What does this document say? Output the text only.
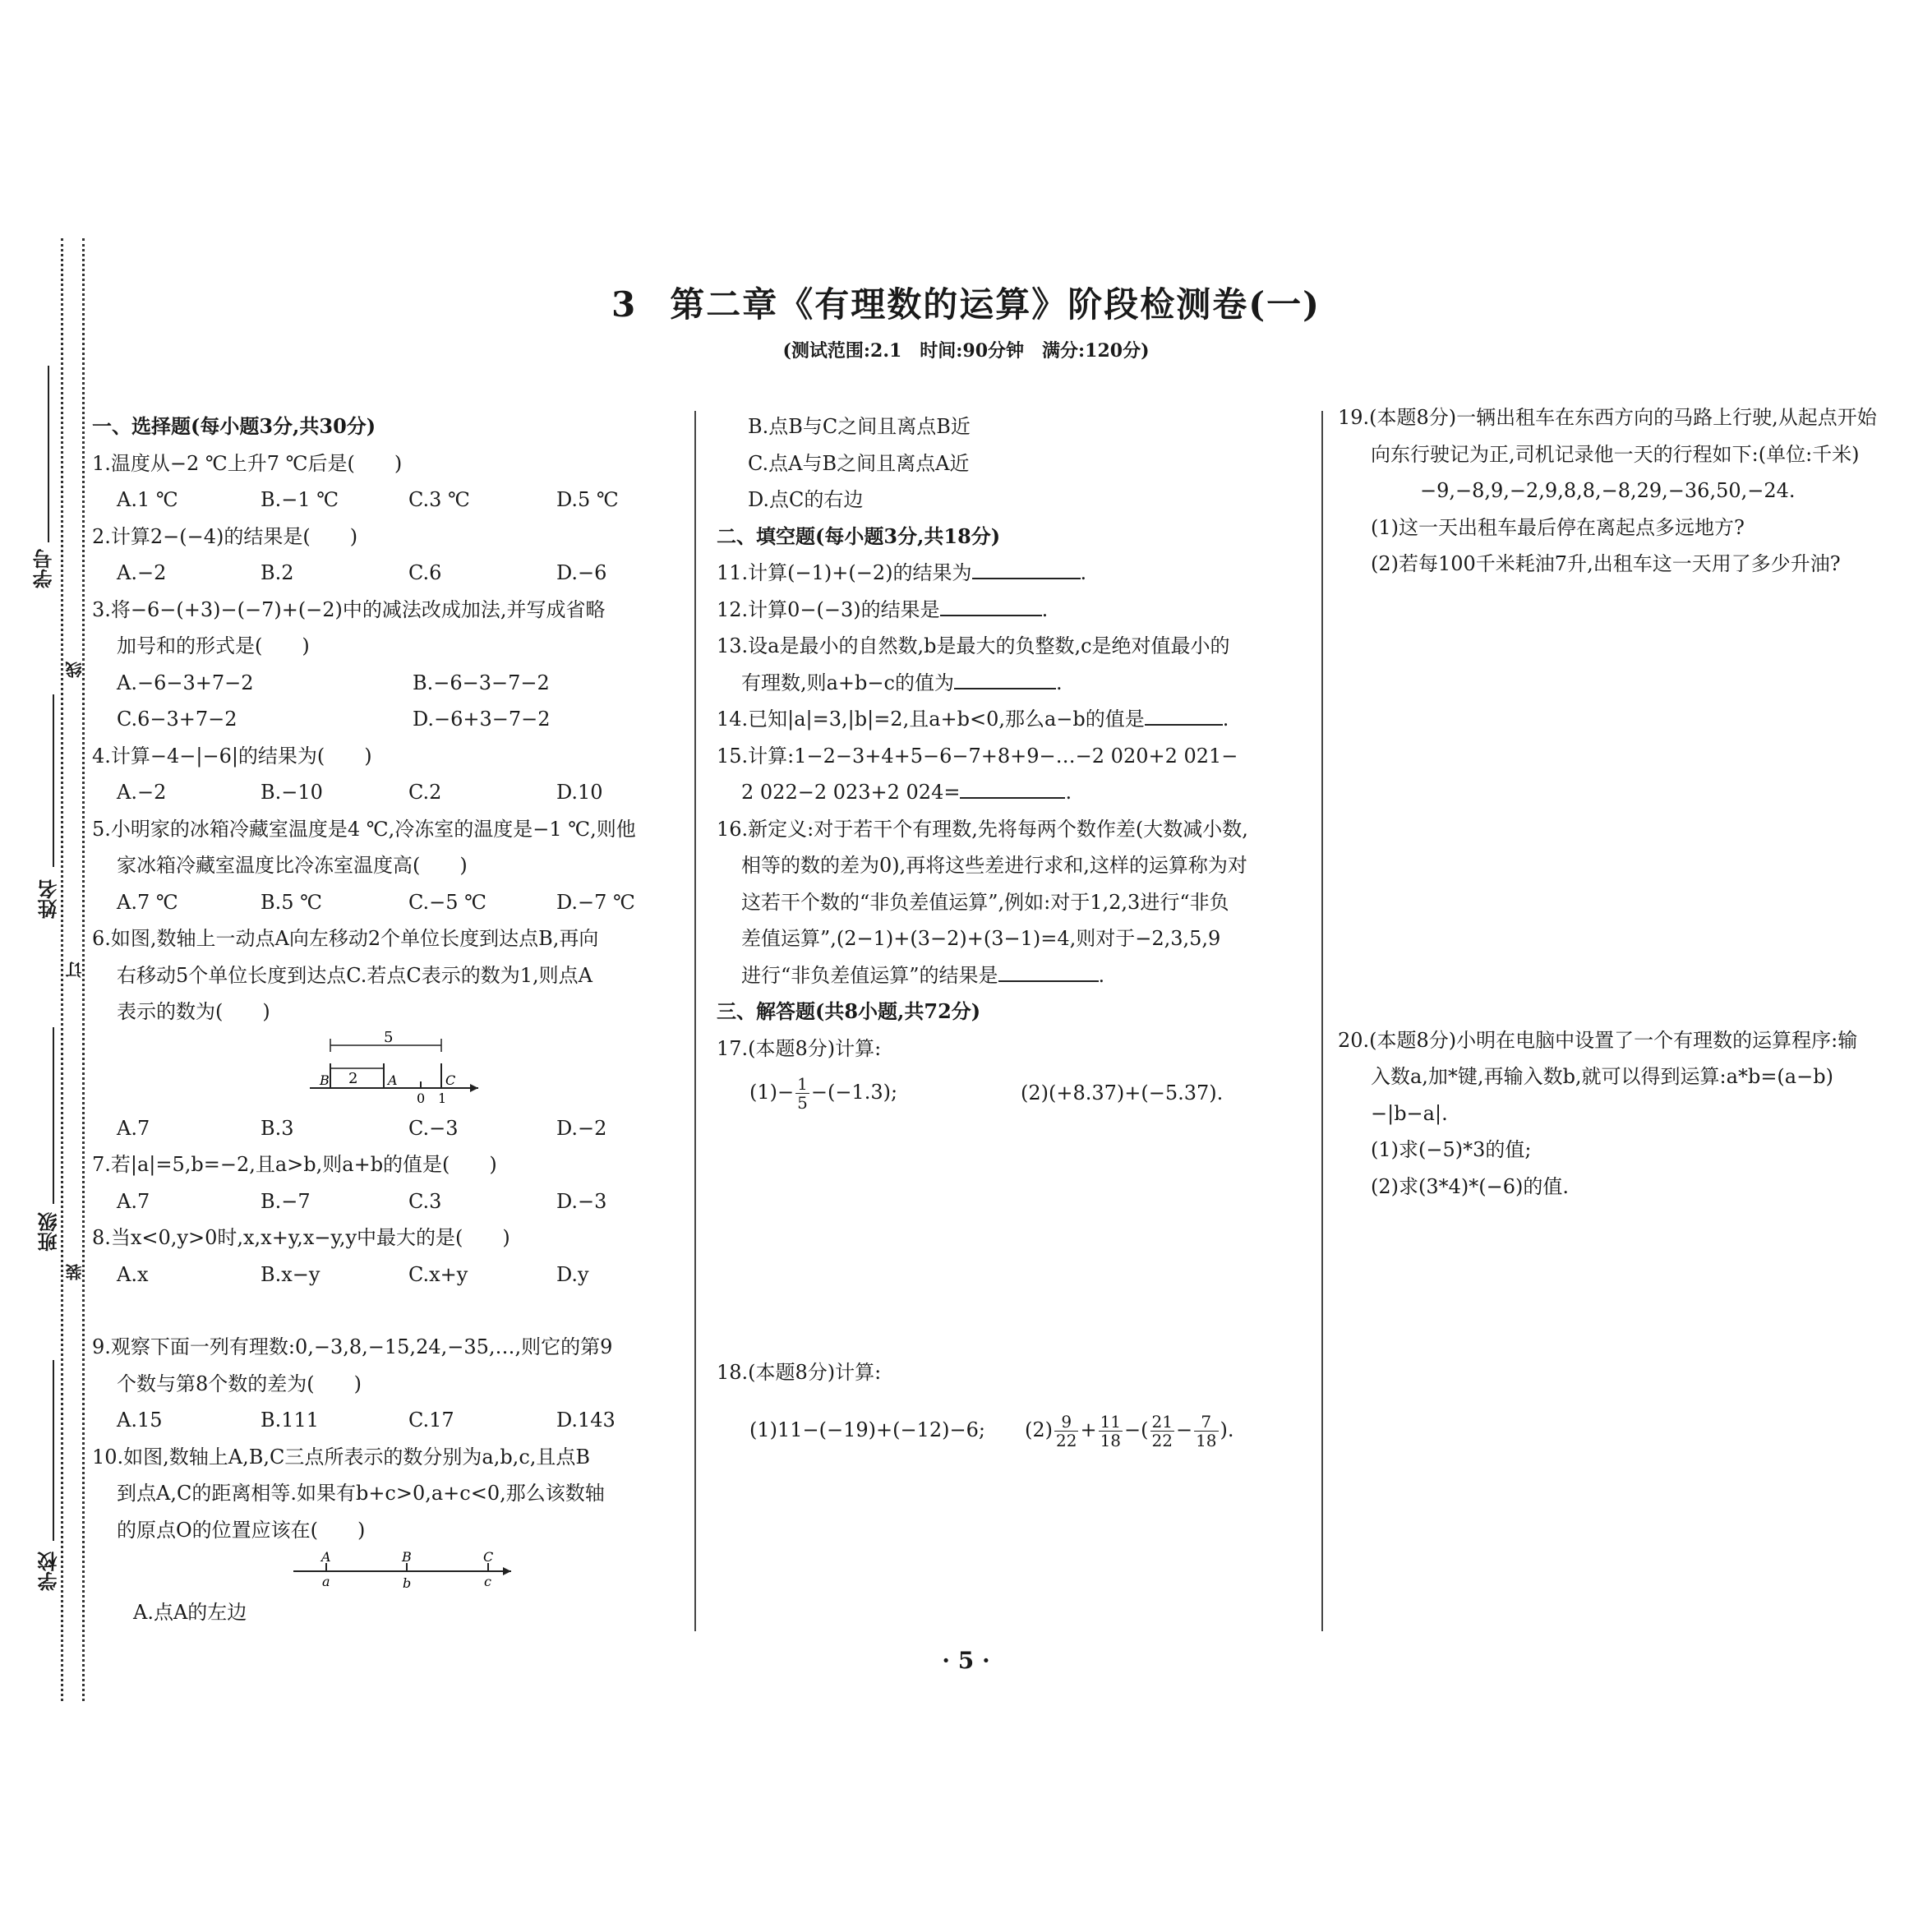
学号
姓名
班级
学校
线
订
装
3 第二章《有理数的运算》阶段检测卷(一)
(测试范围:2.1　时间:90分钟　满分:120分)
一、选择题(每小题3分,共30分)
1.温度从−2 ℃上升7 ℃后是(　　)
A.1 ℃	B.−1 ℃	C.3 ℃	D.5 ℃
2.计算2−(−4)的结果是(　　)
A.−2	B.2	C.6	D.−6
3.将−6−(+3)−(−7)+(−2)中的减法改成加法,并写成省略
加号和的形式是(　　)
A.−6−3+7−2	B.−6−3−7−2
C.6−3+7−2	D.−6+3−7−2
4.计算−4−|−6|的结果为(　　)
A.−2	B.−10	C.2	D.10
5.小明家的冰箱冷藏室温度是4 ℃,冷冻室的温度是−1 ℃,则他
家冰箱冷藏室温度比冷冻室温度高(　　)
A.7 ℃	B.5 ℃	C.−5 ℃	D.−7 ℃
6.如图,数轴上一动点A向左移动2个单位长度到达点B,再向
右移动5个单位长度到达点C.若点C表示的数为1,则点A
表示的数为(　　)
5
2
B	A	C
0 1
A.7	B.3	C.−3	D.−2
7.若|a|=5,b=−2,且a>b,则a+b的值是(　　)
A.7	B.−7	C.3	D.−3
8.当x<0,y>0时,x,x+y,x−y,y中最大的是(　　)
A.x	B.x−y	C.x+y	D.y
9.观察下面一列有理数:0,−3,8,−15,24,−35,…,则它的第9
个数与第8个数的差为(　　)
A.15	B.111	C.17	D.143
10.如图,数轴上A,B,C三点所表示的数分别为a,b,c,且点B
到点A,C的距离相等.如果有b+c>0,a+c<0,那么该数轴
的原点O的位置应该在(　　)
A	B	C
a	b	c
A.点A的左边
B.点B与C之间且离点B近
C.点A与B之间且离点A近
D.点C的右边
二、填空题(每小题3分,共18分)
11.计算(−1)+(−2)的结果为	.
12.计算0−(−3)的结果是	.
13.设a是最小的自然数,b是最大的负整数,c是绝对值最小的
有理数,则a+b−c的值为	.
14.已知|a|=3,|b|=2,且a+b<0,那么a−b的值是	.
15.计算:1−2−3+4+5−6−7+8+9−…−2 020+2 021−
2 022−2 023+2 024=	.
16.新定义:对于若干个有理数,先将每两个数作差(大数减小数,
相等的数的差为0),再将这些差进行求和,这样的运算称为对
这若干个数的“非负差值运算”,例如:对于1,2,3进行“非负
差值运算”,(2−1)+(3−2)+(3−1)=4,则对于−2,3,5,9
进行“非负差值运算”的结果是	.
三、解答题(共8小题,共72分)
17.(本题8分)计算:
$(1)- \frac{1}{5} -(-1.3)$;	(2)(+8.37)+(−5.37).
18.(本题8分)计算:
(1)11−(−19)+(−12)−6;	$(2) \frac{9}{22} + \frac{11}{18}$ −( $\frac{21}{22} - \frac{7}{18}$ ).
19.(本题8分)一辆出租车在东西方向的马路上行驶,从起点开始
向东行驶记为正,司机记录他一天的行程如下:(单位:千米)
−9,−8,9,−2,9,8,8,−8,29,−36,50,−24.
(1)这一天出租车最后停在离起点多远地方?
(2)若每100千米耗油7升,出租车这一天用了多少升油?
20.(本题8分)小明在电脑中设置了一个有理数的运算程序:输
入数a,加*键,再输入数b,就可以得到运算:a*b=(a−b)
−|b−a|.
(1)求(−5)*3的值;
(2)求(3*4)*(−6)的值.
· 5 ·
